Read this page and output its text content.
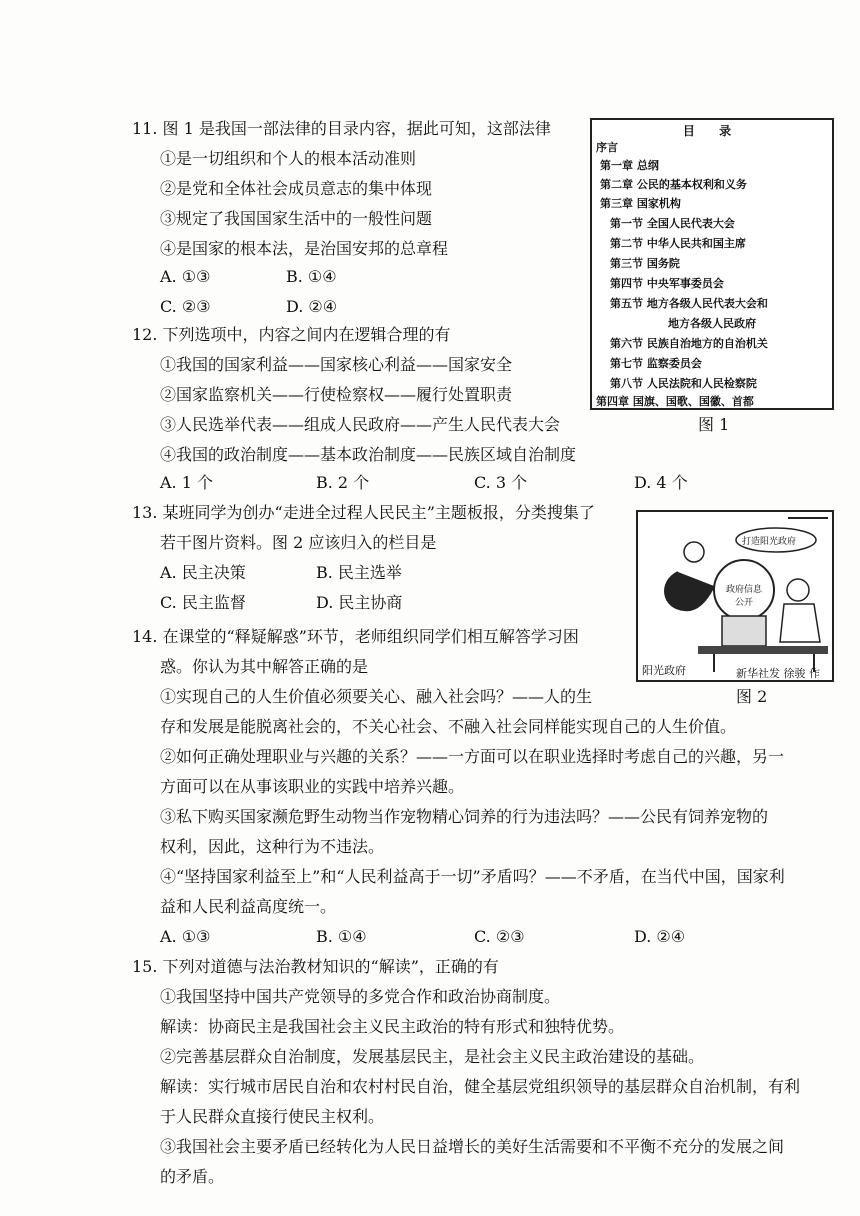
11. 图 1 是我国一部法律的目录内容，据此可知，这部法律
①是一切组织和个人的根本活动准则
②是党和全体社会成员意志的集中体现
③规定了我国国家生活中的一般性问题
④是国家的根本法，是治国安邦的总章程
A. ①③	B. ①④
C. ②③	D. ②④
目 录
序言
第一章 总纲
第二章 公民的基本权利和义务
第三章 国家机构
第一节 全国人民代表大会
第二节 中华人民共和国主席
第三节 国务院
第四节 中央军事委员会
第五节 地方各级人民代表大会和
地方各级人民政府
第六节 民族自治地方的自治机关
第七节 监察委员会
第八节 人民法院和人民检察院
第四章 国旗、国歌、国徽、首都
图 1
12. 下列选项中，内容之间内在逻辑合理的有
①我国的国家利益——国家核心利益——国家安全
②国家监察机关——行使检察权——履行处置职责
③人民选举代表——组成人民政府——产生人民代表大会
④我国的政治制度——基本政治制度——民族区域自治制度
A. 1 个	B. 2 个	C. 3 个	D. 4 个
13. 某班同学为创办“走进全过程人民民主”主题板报，分类搜集了
若干图片资料。图 2 应该归入的栏目是
A. 民主决策	B. 民主选举
C. 民主监督	D. 民主协商
打造阳光政府
政府信息公开
阳光政府
图 2
新华社发 徐骏 作
14. 在课堂的“释疑解惑”环节，老师组织同学们相互解答学习困
惑。你认为其中解答正确的是
①实现自己的人生价值必须要关心、融入社会吗？——人的生
存和发展是能脱离社会的，不关心社会、不融入社会同样能实现自己的人生价值。
②如何正确处理职业与兴趣的关系？——一方面可以在职业选择时考虑自己的兴趣，另一
方面可以在从事该职业的实践中培养兴趣。
③私下购买国家濒危野生动物当作宠物精心饲养的行为违法吗？——公民有饲养宠物的
权利，因此，这种行为不违法。
④“坚持国家利益至上”和“人民利益高于一切”矛盾吗？——不矛盾，在当代中国，国家利
益和人民利益高度统一。
A. ①③	B. ①④	C. ②③	D. ②④
15. 下列对道德与法治教材知识的“解读”，正确的有
①我国坚持中国共产党领导的多党合作和政治协商制度。
解读：协商民主是我国社会主义民主政治的特有形式和独特优势。
②完善基层群众自治制度，发展基层民主，是社会主义民主政治建设的基础。
解读：实行城市居民自治和农村村民自治，健全基层党组织领导的基层群众自治机制，有利
于人民群众直接行使民主权利。
③我国社会主要矛盾已经转化为人民日益增长的美好生活需要和不平衡不充分的发展之间
的矛盾。
